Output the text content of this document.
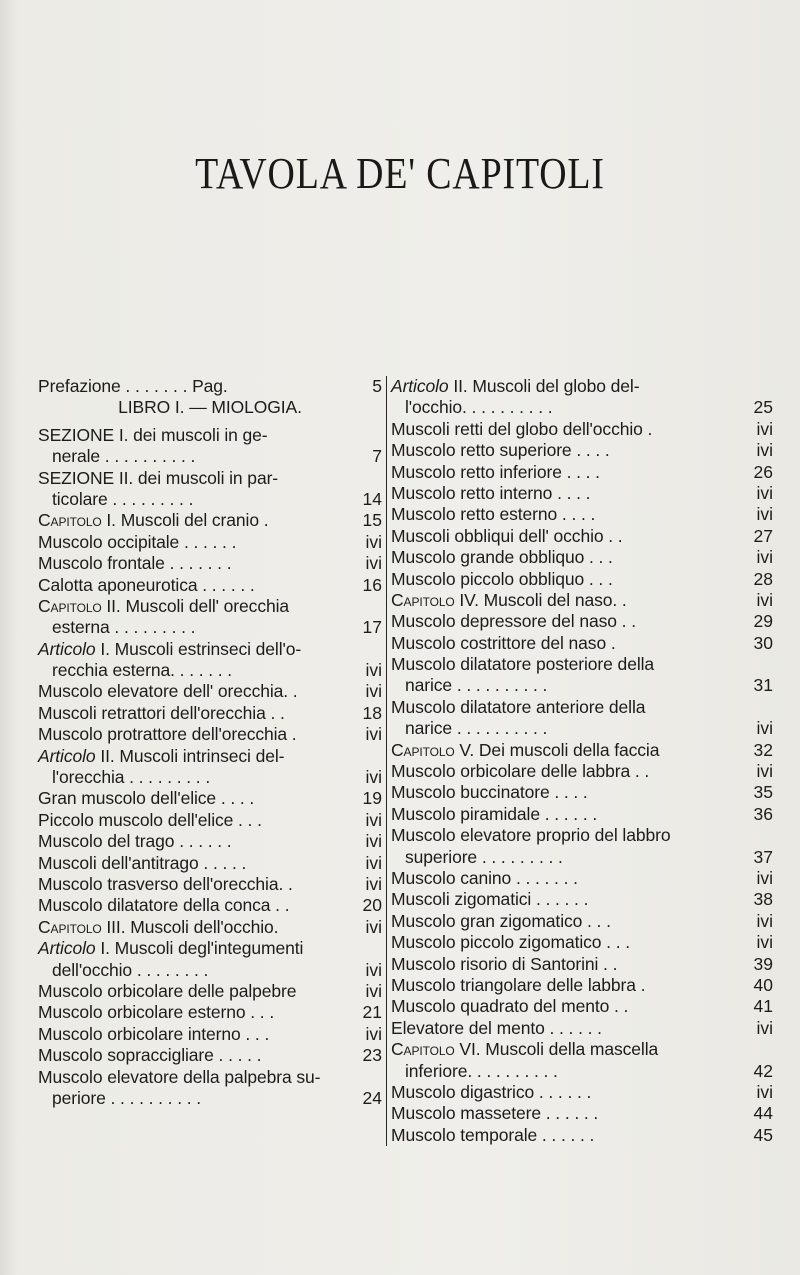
TAVOLA DE' CAPITOLI
Prefazione . . . . . . . Pag.	5
LIBRO I. — MIOLOGIA.
SEZIONE I. dei muscoli in ge-
nerale . . . . . . . . . .	7
SEZIONE II. dei muscoli in par-
ticolare . . . . . . . . .	14
Capitolo I. Muscoli del cranio .	15
Muscolo occipitale . . . . . .	ivi
Muscolo frontale . . . . . . .	ivi
Calotta aponeurotica . . . . . .	16
Capitolo II. Muscoli dell' orecchia
esterna . . . . . . . . .	17
Articolo I. Muscoli estrinseci dell'o-
recchia esterna. . . . . . .	ivi
Muscolo elevatore dell' orecchia. .	ivi
Muscoli retrattori dell'orecchia . .	18
Muscolo protrattore dell'orecchia .	ivi
Articolo II. Muscoli intrinseci del-
l'orecchia . . . . . . . . .	ivi
Gran muscolo dell'elice . . . .	19
Piccolo muscolo dell'elice . . .	ivi
Muscolo del trago . . . . . .	ivi
Muscoli dell'antitrago . . . . .	ivi
Muscolo trasverso dell'orecchia. .	ivi
Muscolo dilatatore della conca . .	20
Capitolo III. Muscoli dell'occhio.	ivi
Articolo I. Muscoli degl'integumenti
dell'occhio . . . . . . . .	ivi
Muscolo orbicolare delle palpebre	ivi
Muscolo orbicolare esterno . . .	21
Muscolo orbicolare interno . . .	ivi
Muscolo sopraccigliare . . . . .	23
Muscolo elevatore della palpebra su-
periore . . . . . . . . . .	24
Articolo II. Muscoli del globo del-
l'occhio. . . . . . . . . .	25
Muscoli retti del globo dell'occhio .	ivi
Muscolo retto superiore . . . .	ivi
Muscolo retto inferiore . . . .	26
Muscolo retto interno . . . .	ivi
Muscolo retto esterno . . . .	ivi
Muscoli obbliqui dell' occhio . .	27
Muscolo grande obbliquo . . .	ivi
Muscolo piccolo obbliquo . . .	28
Capitolo IV. Muscoli del naso. .	ivi
Muscolo depressore del naso . .	29
Muscolo costrittore del naso .	30
Muscolo dilatatore posteriore della
narice . . . . . . . . . .	31
Muscolo dilatatore anteriore della
narice . . . . . . . . . .	ivi
Capitolo V. Dei muscoli della faccia	32
Muscolo orbicolare delle labbra . .	ivi
Muscolo buccinatore . . . .	35
Muscolo piramidale . . . . . .	36
Muscolo elevatore proprio del labbro
superiore . . . . . . . . .	37
Muscolo canino . . . . . . .	ivi
Muscoli zigomatici . . . . . .	38
Muscolo gran zigomatico . . .	ivi
Muscolo piccolo zigomatico . . .	ivi
Muscolo risorio di Santorini . .	39
Muscolo triangolare delle labbra .	40
Muscolo quadrato del mento . .	41
Elevatore del mento . . . . . .	ivi
Capitolo VI. Muscoli della mascella
inferiore. . . . . . . . . .	42
Muscolo digastrico . . . . . .	ivi
Muscolo massetere . . . . . .	44
Muscolo temporale . . . . . .	45
